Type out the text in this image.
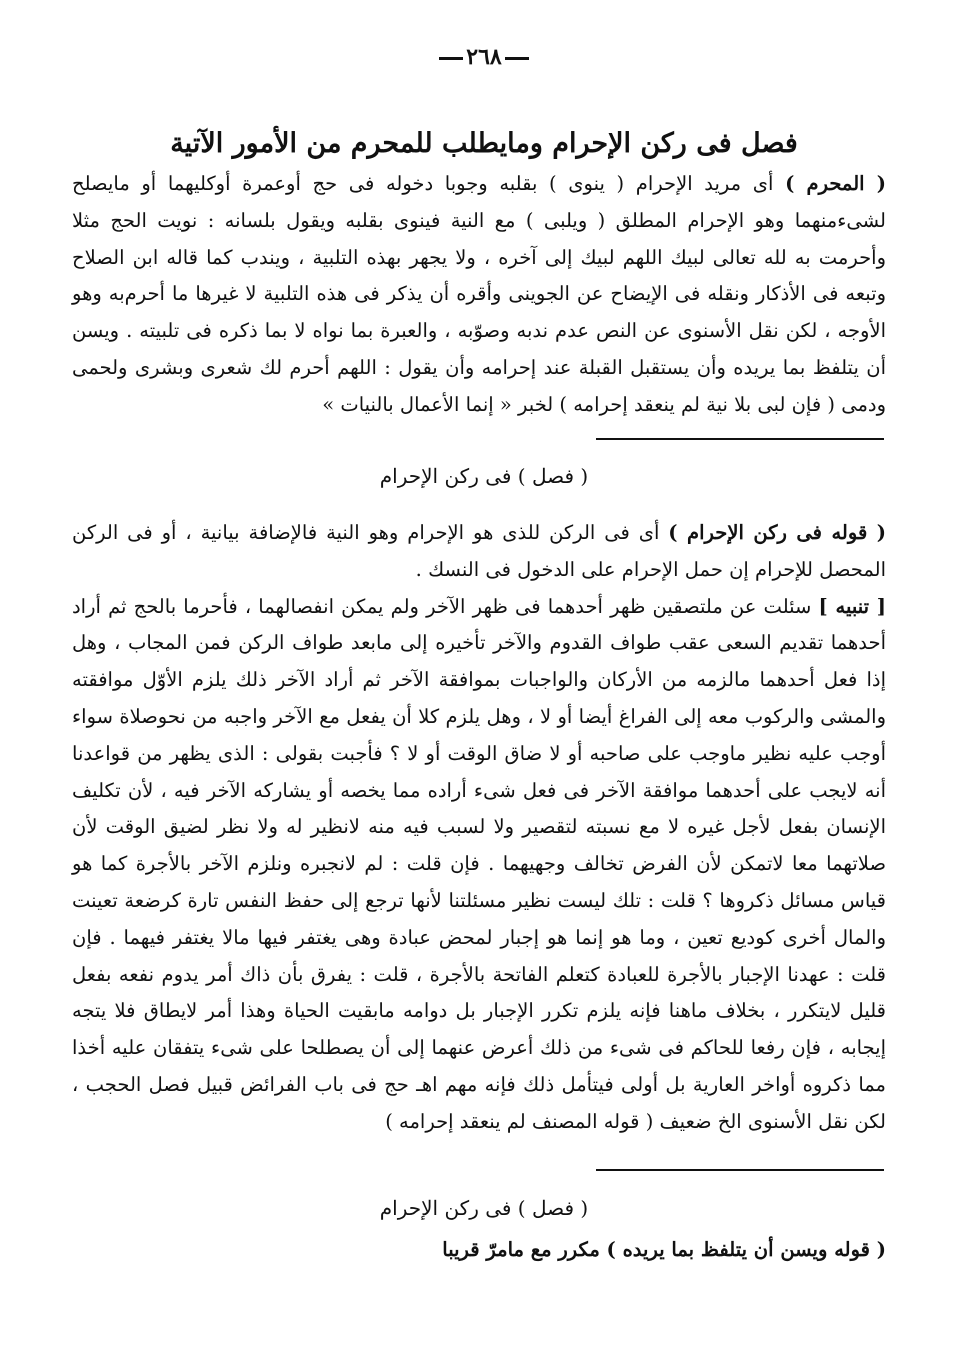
٢٦٨
فصل فى ركن الإحرام ومايطلب للمحرم من الأمور الآتية

( المحرم ) أى مريد الإحرام ( ينوى ) بقلبه وجوبا دخوله فى حج أوعمرة أوكليهما أو مايصلح لشىءمنهما وهو الإحرام المطلق ( ويلبى ) مع النية فينوى بقلبه ويقول بلسانه : نويت الحج مثلا وأحرمت به لله تعالى لبيك اللهم لبيك إلى آخره ، ولا يجهر بهذه التلبية ، ويندب كما قاله ابن الصلاح وتبعه فى الأذكار ونقله فى الإيضاح عن الجوينى وأقره أن يذكر فى هذه التلبية لا غيرها ما أحرم‌به وهو الأوجه ، لكن نقل الأسنوى عن النص عدم ندبه وصوّبه ، والعبرة بما نواه لا بما ذكره فى تلبيته . ويسن أن يتلفظ بما يريده وأن يستقبل القبلة عند إحرامه وأن يقول : اللهم أحرم لك شعرى وبشرى ولحمى ودمى ( فإن لبى بلا نية لم ينعقد إحرامه ) لخبر « إنما الأعمال بالنيات »

( فصل ) فى ركن الإحرام

( قوله فى ركن الإحرام ) أى فى الركن للذى هو الإحرام وهو النية فالإضافة بيانية ، أو فى الركن المحصل للإحرام إن حمل الإحرام على الدخول فى النسك .

[ تنبيه ] سئلت عن ملتصقين ظهر أحدهما فى ظهر الآخر ولم يمكن انفصالهما ، فأحرما بالحج ثم أراد أحدهما تقديم السعى عقب طواف القدوم والآخر تأخيره إلى مابعد طواف الركن فمن المجاب ، وهل إذا فعل أحدهما مالزمه من الأركان والواجبات بموافقة الآخر ثم أراد الآخر ذلك يلزم الأوّل موافقته والمشى والركوب معه إلى الفراغ أيضا أو لا ، وهل يلزم كلا أن يفعل مع الآخر واجبه من نحوصلاة سواء أوجب عليه نظير ماوجب على صاحبه أو لا ضاق الوقت أو لا ؟ فأجبت بقولى : الذى يظهر من قواعدنا أنه لايجب على أحدهما موافقة الآخر فى فعل شىء أراده مما يخصه أو يشاركه الآخر فيه ، لأن تكليف الإنسان بفعل لأجل غيره لا مع نسبته لتقصير ولا لسبب فيه منه لانظير له ولا نظر لضيق الوقت لأن صلاتهما معا لاتمكن لأن الفرض تخالف وجهيهما . فإن قلت : لم لانجبره ونلزم الآخر بالأجرة كما هو قياس مسائل ذكروها ؟ قلت : تلك ليست نظير مسئلتنا لأنها ترجع إلى حفظ النفس تارة كرضعة تعينت والمال أخرى كوديع تعين ، وما هو إنما هو إجبار لمحض عبادة وهى يغتفر فيها مالا يغتفر فيهما . فإن قلت : عهدنا الإجبار بالأجرة للعبادة كتعلم الفاتحة بالأجرة ، قلت : يفرق بأن ذاك أمر يدوم نفعه بفعل قليل لايتكرر ، بخلاف ماهنا فإنه يلزم تكرر الإجبار بل دوامه مابقيت الحياة وهذا أمر لايطاق فلا يتجه إيجابه ، فإن رفعا للحاكم فى شىء من ذلك أعرض عنهما إلى أن يصطلحا على شىء يتفقان عليه أخذا مما ذكروه أواخر العارية بل أولى فيتأمل ذلك فإنه مهم اهـ حج فى باب الفرائض قبيل فصل الحجب ، لكن نقل الأسنوى الخ ضعيف ( قوله المصنف لم ينعقد إحرامه )

( فصل ) فى ركن الإحرام
( قوله ويسن أن يتلفظ بما يريده ) مكرر مع مامرّ قريبا
